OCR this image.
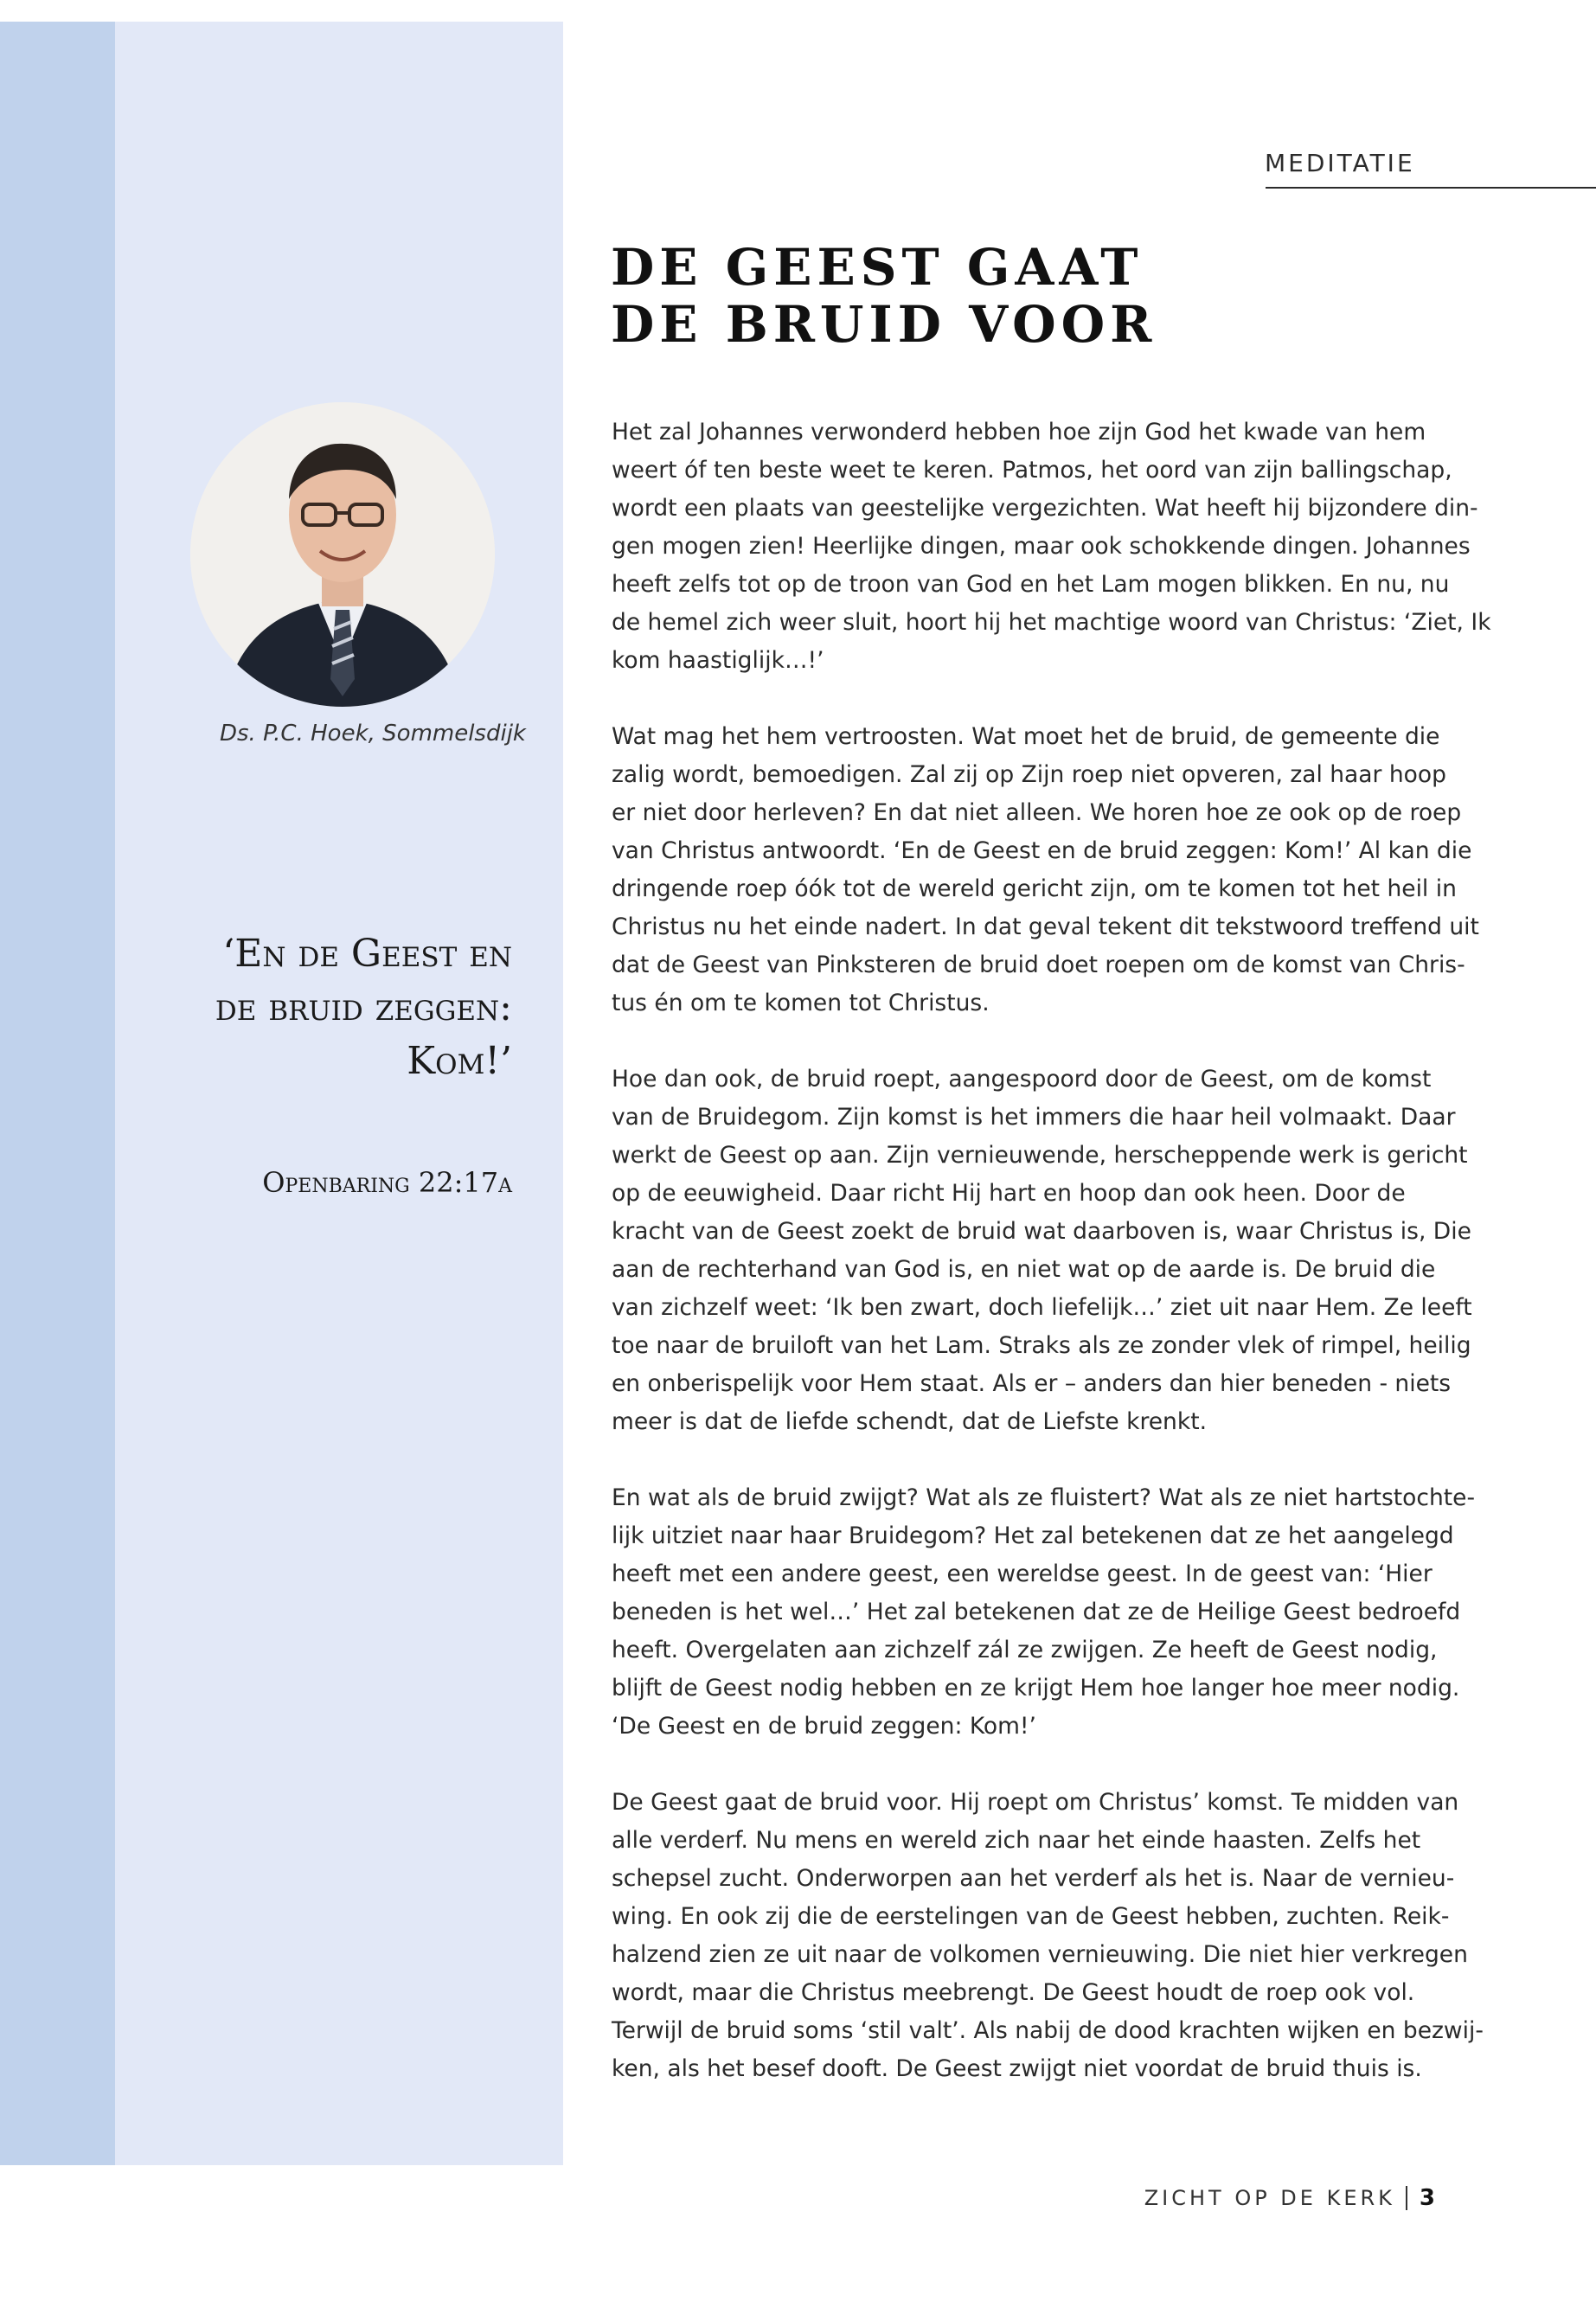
MEDITATIE
DE GEEST GAAT
DE BRUID VOOR
Ds. P.C. Hoek, Sommelsdijk

‘En de Geest en de bruid zeggen: Kom!’

Openbaring 22:17a

Het zal Johannes verwonderd hebben hoe zijn God het kwade van hem
weert óf ten beste weet te keren. Patmos, het oord van zijn ballingschap,
wordt een plaats van geestelijke vergezichten. Wat heeft hij bijzondere din-
gen mogen zien! Heerlijke dingen, maar ook schokkende dingen. Johannes
heeft zelfs tot op de troon van God en het Lam mogen blikken. En nu, nu
de hemel zich weer sluit, hoort hij het machtige woord van Christus: ‘Ziet, Ik
kom haastiglijk…!’

Wat mag het hem vertroosten. Wat moet het de bruid, de gemeente die
zalig wordt, bemoedigen. Zal zij op Zijn roep niet opveren, zal haar hoop
er niet door herleven? En dat niet alleen. We horen hoe ze ook op de roep
van Christus antwoordt. ‘En de Geest en de bruid zeggen: Kom!’ Al kan die
dringende roep óók tot de wereld gericht zijn, om te komen tot het heil in
Christus nu het einde nadert. In dat geval tekent dit tekstwoord treffend uit
dat de Geest van Pinksteren de bruid doet roepen om de komst van Chris-
tus én om te komen tot Christus.

Hoe dan ook, de bruid roept, aangespoord door de Geest, om de komst
van de Bruidegom. Zijn komst is het immers die haar heil volmaakt. Daar
werkt de Geest op aan. Zijn vernieuwende, herscheppende werk is gericht
op de eeuwigheid. Daar richt Hij hart en hoop dan ook heen. Door de
kracht van de Geest zoekt de bruid wat daarboven is, waar Christus is, Die
aan de rechterhand van God is, en niet wat op de aarde is. De bruid die
van zichzelf weet: ‘Ik ben zwart, doch liefelijk…’ ziet uit naar Hem. Ze leeft
toe naar de bruiloft van het Lam. Straks als ze zonder vlek of rimpel, heilig
en onberispelijk voor Hem staat. Als er – anders dan hier beneden - niets
meer is dat de liefde schendt, dat de Liefste krenkt.

En wat als de bruid zwijgt? Wat als ze fluistert? Wat als ze niet hartstochte-
lijk uitziet naar haar Bruidegom? Het zal betekenen dat ze het aangelegd
heeft met een andere geest, een wereldse geest. In de geest van: ‘Hier
beneden is het wel…’ Het zal betekenen dat ze de Heilige Geest bedroefd
heeft. Overgelaten aan zichzelf zál ze zwijgen. Ze heeft de Geest nodig,
blijft de Geest nodig hebben en ze krijgt Hem hoe langer hoe meer nodig.
‘De Geest en de bruid zeggen: Kom!’

De Geest gaat de bruid voor. Hij roept om Christus’ komst. Te midden van
alle verderf. Nu mens en wereld zich naar het einde haasten. Zelfs het
schepsel zucht. Onderworpen aan het verderf als het is. Naar de vernieu-
wing. En ook zij die de eerstelingen van de Geest hebben, zuchten. Reik-
halzend zien ze uit naar de volkomen vernieuwing. Die niet hier verkregen
wordt, maar die Christus meebrengt. De Geest houdt de roep ook vol.
Terwijl de bruid soms ‘stil valt’. Als nabij de dood krachten wijken en bezwij-
ken, als het besef dooft. De Geest zwijgt niet voordat de bruid thuis is.

ZICHT OP DE KERK 3
